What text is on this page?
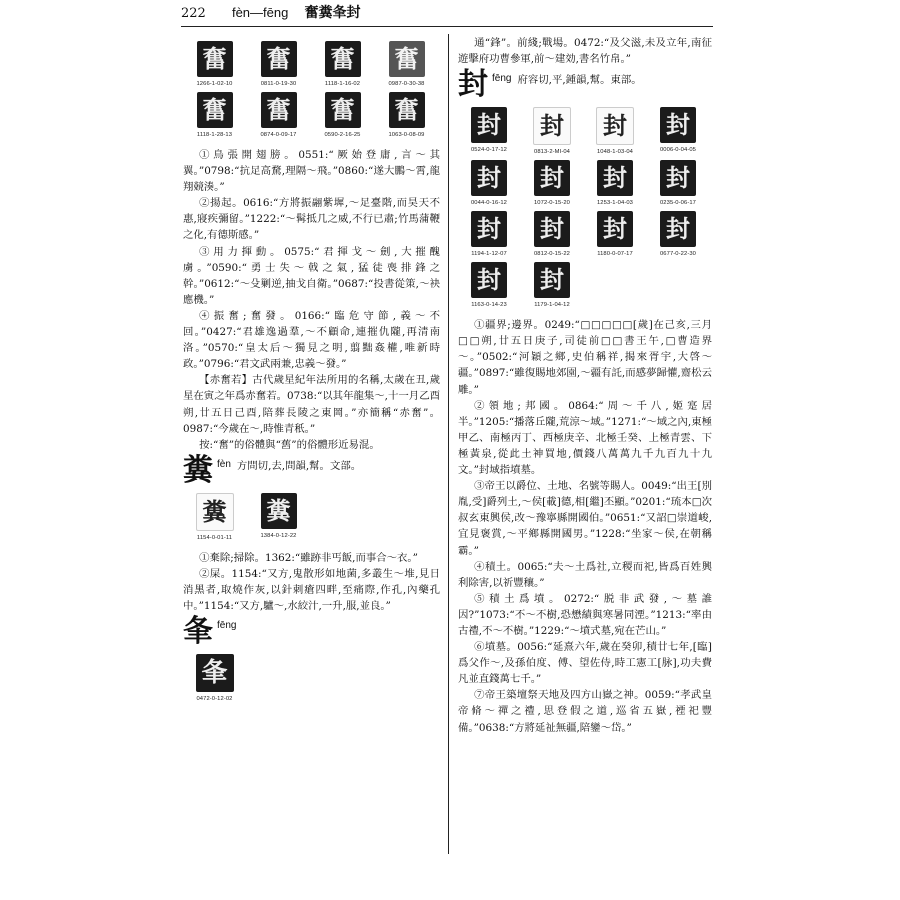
222 fèn—fēng 奮糞夆封
奮
1266-1-02-10
奮
0811-0-19-30
奮
1118-1-16-02
奮
0987-0-30-38
奮
1118-1-28-13
奮
0874-0-09-17
奮
0590-2-16-25
奮
1063-0-08-09

①鳥張開翅膀。0551:“厥始登庸,言～其翼。”0798:“抗足高騖,理隔～飛。”0860:“遂大鵬～霄,龍翔競湊。”

②揚起。0616:“方將振翮紫墀,～足臺階,而昊天不惠,寢疾彌留。”1222:“～髯抵几之威,不行已肅;竹馬蒲鞭之化,有德斯感。”

③用力揮動。0575:“君揮戈～劍,大摧醜虜。”0590:“勇士失～戟之氣,猛徒喪排鋒之幹。”0612:“～殳剿逆,抽戈自衛。”0687:“投書從策,～袂應機。”

④振奮;奮發。0166:“臨危守節,義～不回。”0427:“君雄逸過羣,～不顧命,連摧仇隴,再清南洛。”0570:“皇太后～獨見之明,翦黜姦權,唯新時政。”0796:“君文武兩兼,忠義～發。”

【赤奮若】古代歲星紀年法所用的名稱,太歲在丑,歲星在寅之年爲赤奮若。0738:“以其年龍集～,十一月乙酉朔,廿五日己酉,陪葬長陵之東岡。”亦簡稱“赤奮”。0987:“今歲在～,時惟青秖。”

按:“奮”的俗體與“舊”的俗體形近易混。

糞 fèn 方問切,去,問韻,幫。文部。
糞
1154-0-01-11
糞
1384-0-12-22

①棄除;掃除。1362:“雖跡非丐飯,而事合～衣。”

②屎。1154:“又方,鬼散形如地菌,多叢生～堆,見日消黑者,取燒作灰,以針刺瘡四畔,至痛際,作孔,內藥孔中。”1154:“又方,驢～,水絞汁,一升,服,並良。”

夆 fēng
夆
0472-0-12-02

通“鋒”。前綫;戰場。0472:“及父滋,未及立年,南征遊擊府功曹參軍,前～建効,書名竹帛。”

封 fēng 府容切,平,鍾韻,幫。東部。
封
0524-0-17-12
封
0813-2-MI-04
封
1048-1-03-04
封
0006-0-04-05
封
0044-0-16-12
封
1072-0-15-20
封
1253-1-04-03
封
0235-0-06-17
封
1194-1-12-07
封
0812-0-15-22
封
1180-0-07-17
封
0677-0-22-30
封
1163-0-14-23
封
1179-1-04-12

①疆界;邊界。0249:“□□□□□[歲]在己亥,三月□□朔,廿五日庚子,司徒前□□書王午,□曹造界～。”0502:“河穎之鄉,史伯稱祥,揭來胥宇,大啓～疆。”0897:“雖復賜地郊園,～疆有託,而感夢歸懽,齋松云雕。”

②領地;邦國。0864:“周～千八,姬寔居半。”1205:“播落丘隴,荒涼～域。”1271:“～域之內,東極甲乙、南極丙丁、西極庚辛、北極壬癸、上極青雲、下極黃泉,從此土神買地,價錢八萬萬九千九百九十九文。”封域指墳墓。

③帝王以爵位、土地、名號等賜人。0049:“出王[別胤,受]爵列土,～侯[載]德,相[繼]丕顯。”0201:“琉本□次叔玄東興侯,改～豫寧縣開國伯。”0651:“又詔□崇道峻,宜見褒賞,～平鄉縣開國男。”1228:“坐家～侯,在朝稱霸。”

④積土。0065:“夫～土爲社,立稷而祀,皆爲百姓興利除害,以祈豐穰。”

⑤積土爲墳。0272:“脱非武發,～墓誰因?”1073:“不～不樹,恐懋績與寒暑同湮。”1213:“率由古禮,不～不樹。”1229:“～墳式墓,宛在芒山。”

⑥墳墓。0056:“延熹六年,歲在癸卯,積廿七年,[臨]爲父作～,及孫伯度、傅、望佐侍,時工憲工[脉],功夫費凡並直錢萬七千。”

⑦帝王築壇祭天地及四方山嶽之神。0059:“孝武皇帝脩～禪之禮,思登假之道,巡省五嶽,禋祀豐備。”0638:“方將延祉無疆,陪鑾～岱。”
